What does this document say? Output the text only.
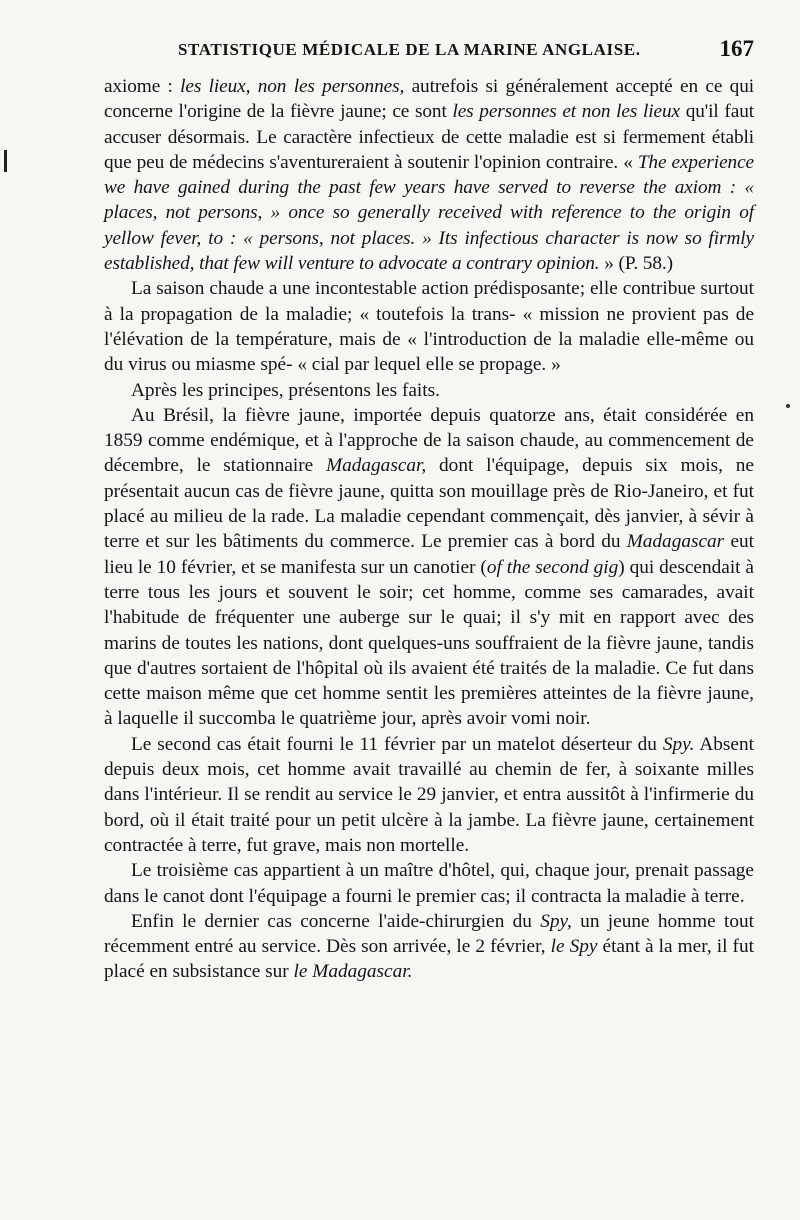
STATISTIQUE MÉDICALE DE LA MARINE ANGLAISE.	167

axiome : les lieux, non les personnes, autrefois si généralement accepté en ce qui concerne l'origine de la fièvre jaune; ce sont les personnes et non les lieux qu'il faut accuser désormais. Le caractère infectieux de cette maladie est si fermement établi que peu de médecins s'aventureraient à soutenir l'opinion contraire. « The experience we have gained during the past few years have served to reverse the axiom : « places, not persons, » once so generally received with reference to the origin of yellow fever, to : « persons, not places. » Its infectious character is now so firmly established, that few will venture to advocate a contrary opinion. » (P. 58.)

La saison chaude a une incontestable action prédisposante; elle contribue surtout à la propagation de la maladie; « toutefois la trans- « mission ne provient pas de l'élévation de la température, mais de « l'introduction de la maladie elle-même ou du virus ou miasme spé- « cial par lequel elle se propage. »

Après les principes, présentons les faits.

Au Brésil, la fièvre jaune, importée depuis quatorze ans, était considérée en 1859 comme endémique, et à l'approche de la saison chaude, au commencement de décembre, le stationnaire Madagascar, dont l'équipage, depuis six mois, ne présentait aucun cas de fièvre jaune, quitta son mouillage près de Rio-Janeiro, et fut placé au milieu de la rade. La maladie cependant commençait, dès janvier, à sévir à terre et sur les bâtiments du commerce. Le premier cas à bord du Madagascar eut lieu le 10 février, et se manifesta sur un canotier (of the second gig) qui descendait à terre tous les jours et souvent le soir; cet homme, comme ses camarades, avait l'habitude de fréquenter une auberge sur le quai; il s'y mit en rapport avec des marins de toutes les nations, dont quelques-uns souffraient de la fièvre jaune, tandis que d'autres sortaient de l'hôpital où ils avaient été traités de la maladie. Ce fut dans cette maison même que cet homme sentit les premières atteintes de la fièvre jaune, à laquelle il succomba le quatrième jour, après avoir vomi noir.

Le second cas était fourni le 11 février par un matelot déserteur du Spy. Absent depuis deux mois, cet homme avait travaillé au chemin de fer, à soixante milles dans l'intérieur. Il se rendit au service le 29 janvier, et entra aussitôt à l'infirmerie du bord, où il était traité pour un petit ulcère à la jambe. La fièvre jaune, certainement contractée à terre, fut grave, mais non mortelle.

Le troisième cas appartient à un maître d'hôtel, qui, chaque jour, prenait passage dans le canot dont l'équipage a fourni le premier cas; il contracta la maladie à terre.

Enfin le dernier cas concerne l'aide-chirurgien du Spy, un jeune homme tout récemment entré au service. Dès son arrivée, le 2 février, le Spy étant à la mer, il fut placé en subsistance sur le Madagascar.
